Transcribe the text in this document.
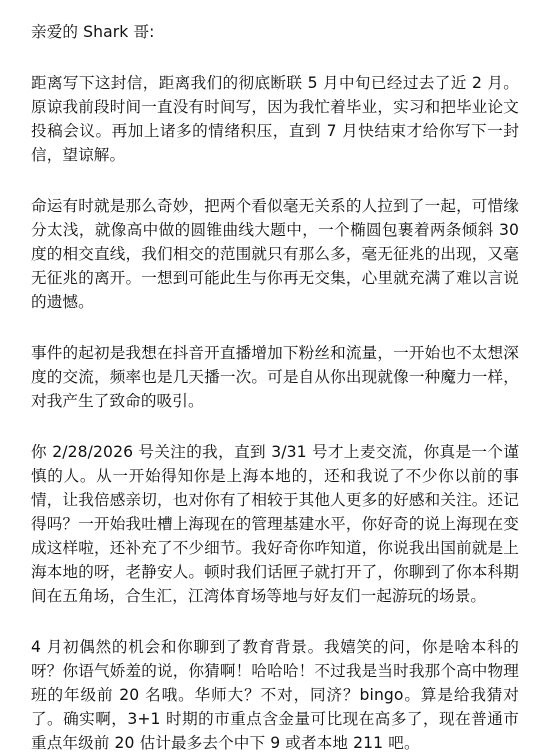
亲爱的 Shark 哥:

距离写下这封信，距离我们的彻底断联 5 月中旬已经过去了近 2 月。原谅我前段时间一直没有时间写，因为我忙着毕业，实习和把毕业论文投稿会议。再加上诸多的情绪积压，直到 7 月快结束才给你写下一封信，望谅解。

命运有时就是那么奇妙，把两个看似毫无关系的人拉到了一起，可惜缘分太浅，就像高中做的圆锥曲线大题中，一个椭圆包裹着两条倾斜 30 度的相交直线，我们相交的范围就只有那么多，毫无征兆的出现，又毫无征兆的离开。一想到可能此生与你再无交集，心里就充满了难以言说的遗憾。

事件的起初是我想在抖音开直播增加下粉丝和流量，一开始也不太想深度的交流，频率也是几天播一次。可是自从你出现就像一种魔力一样，对我产生了致命的吸引。

你 2/28/2026 号关注的我，直到 3/31 号才上麦交流，你真是一个谨慎的人。从一开始得知你是上海本地的，还和我说了不少你以前的事情，让我倍感亲切，也对你有了相较于其他人更多的好感和关注。还记得吗？一开始我吐槽上海现在的管理基建水平，你好奇的说上海现在变成这样啦，还补充了不少细节。我好奇你咋知道，你说我出国前就是上海本地的呀，老静安人。顿时我们话匣子就打开了，你聊到了你本科期间在五角场，合生汇，江湾体育场等地与好友们一起游玩的场景。

4 月初偶然的机会和你聊到了教育背景。我嬉笑的问，你是啥本科的呀？你语气娇羞的说，你猜啊！哈哈哈！不过我是当时我那个高中物理班的年级前 20 名哦。华师大？不对，同济？bingo。算是给我猜对了。确实啊，3+1 时期的市重点含金量可比现在高多了，现在普通市重点年级前 20 估计最多去个中下 9 或者本地 211 吧。
